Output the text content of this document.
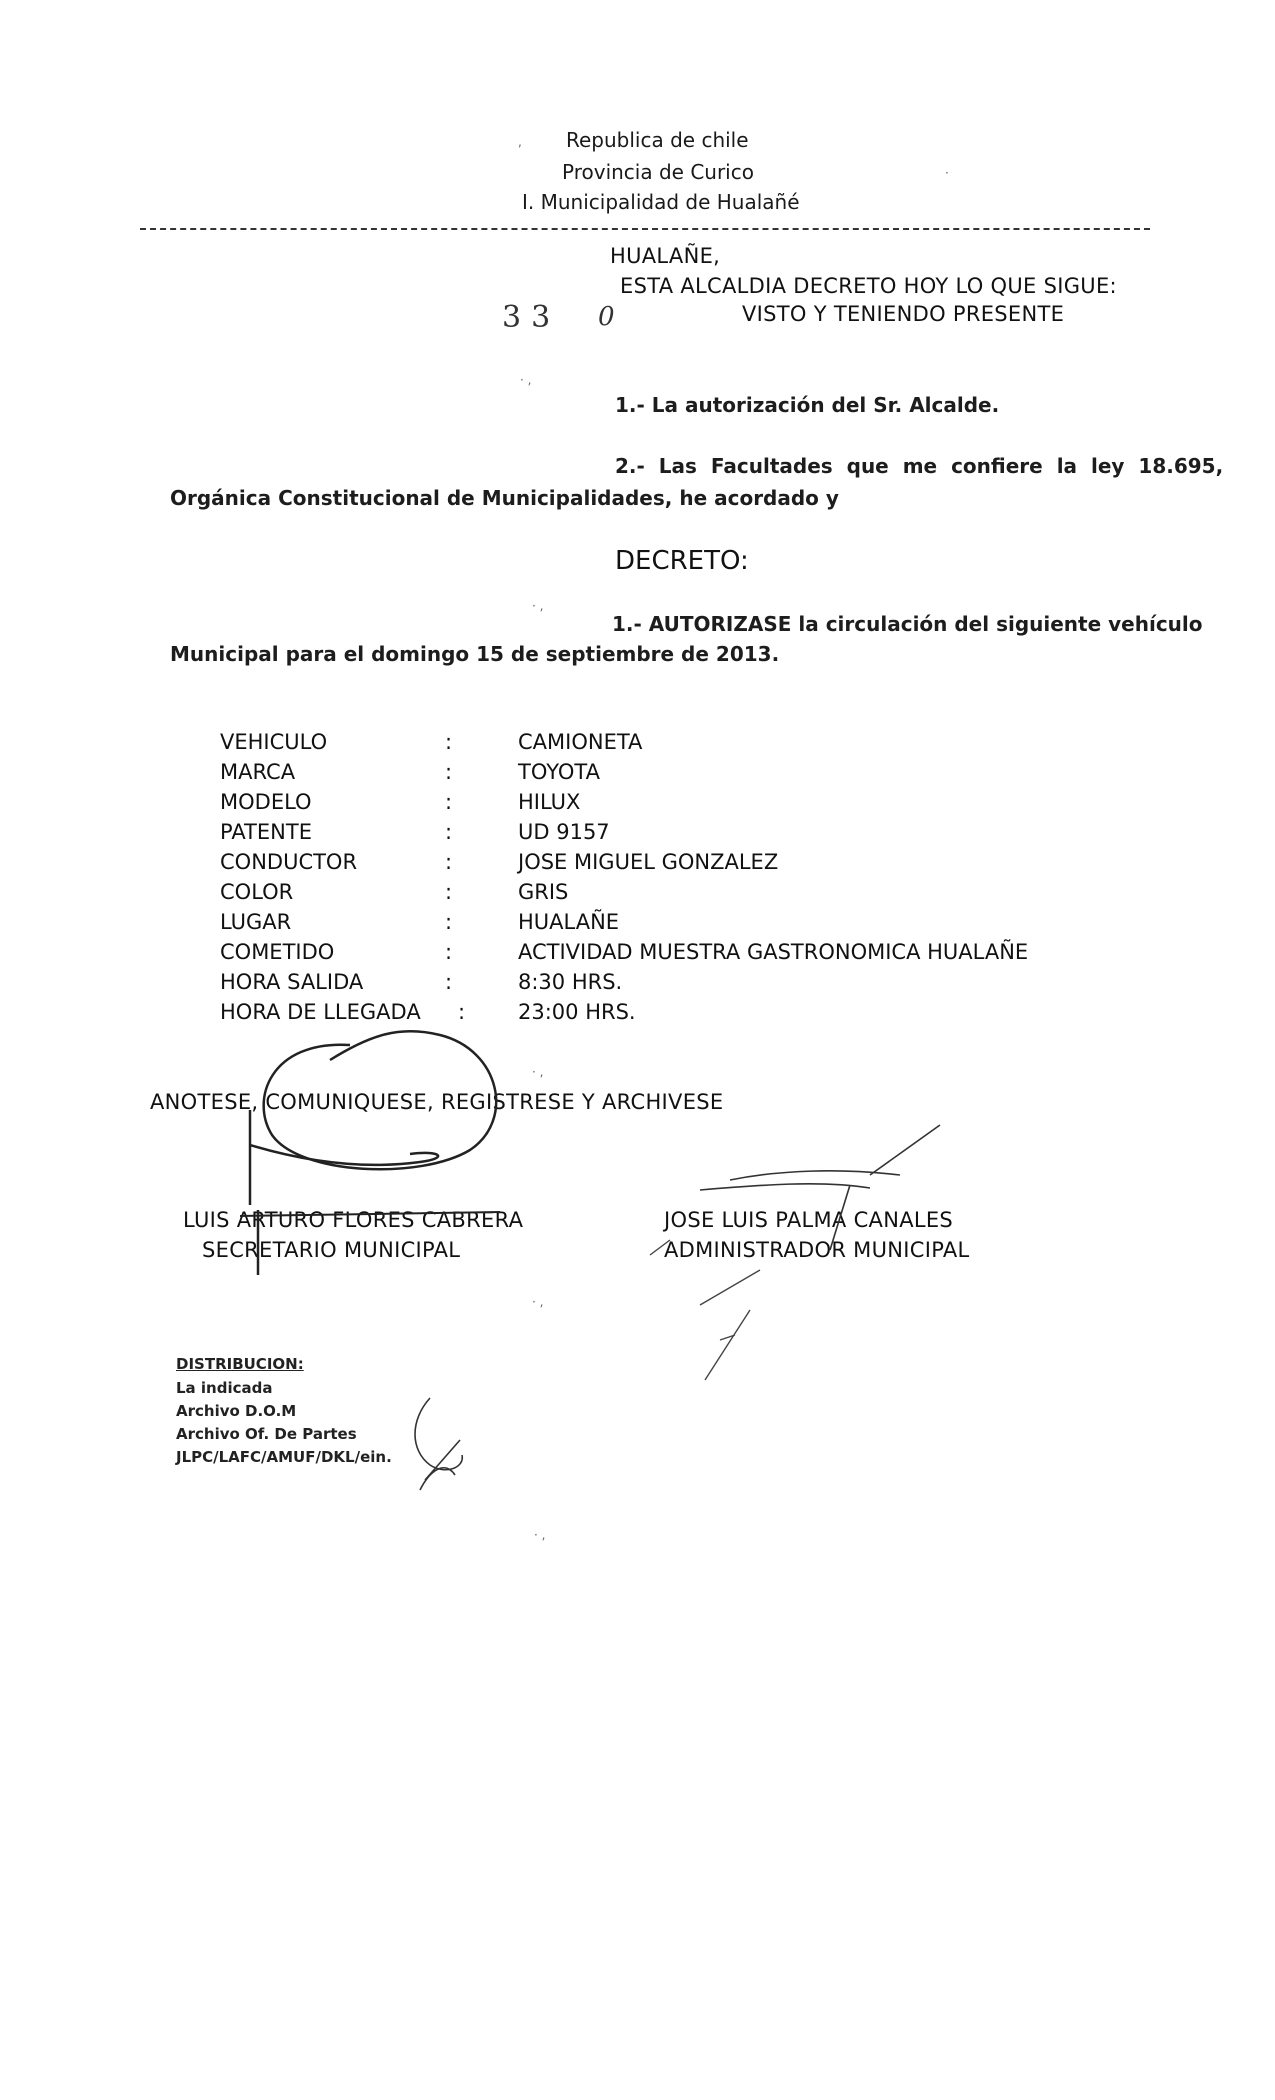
Republica de chile
Provincia de Curico
I. Municipalidad de Hualañé
HUALAÑE,
ESTA ALCALDIA DECRETO HOY LO QUE SIGUE:
33 0	VISTO Y TENIENDO PRESENTE
1.- La autorización del Sr. Alcalde.
2.- Las Facultades que me confiere la ley 18.695,
Orgánica Constitucional de Municipalidades, he acordado y
DECRETO:
1.- AUTORIZASE la circulación del siguiente vehículo
Municipal para el domingo 15 de septiembre de 2013.
VEHICULO	:	CAMIONETA
MARCA	:	TOYOTA
MODELO	:	HILUX
PATENTE	:	UD 9157
CONDUCTOR	:	JOSE MIGUEL GONZALEZ
COLOR	:	GRIS
LUGAR	:	HUALAÑE
COMETIDO	:	ACTIVIDAD MUESTRA GASTRONOMICA HUALAÑE
HORA SALIDA	:	8:30 HRS.
HORA DE LLEGADA :	23:00 HRS.
ANOTESE, COMUNIQUESE, REGISTRESE Y ARCHIVESE
LUIS ARTURO FLORES CABRERA
SECRETARIO MUNICIPAL
JOSE LUIS PALMA CANALES
ADMINISTRADOR MUNICIPAL
DISTRIBUCION:
La indicada
Archivo D.O.M
Archivo Of. De Partes
JLPC/LAFC/AMUF/DKL/ein.
,
·
· ,
· ,
· ,
· ,
· ,
